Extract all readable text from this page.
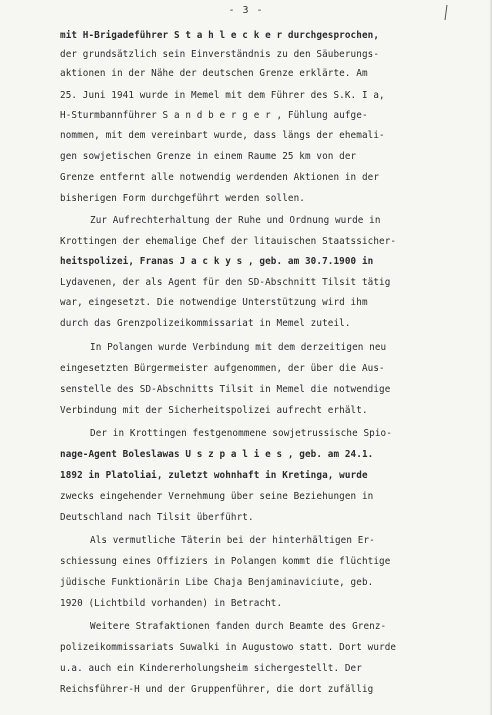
- 3 -
mit H-Brigadeführer S t a h l e c k e r durchgesprochen,
der grundsätzlich sein Einverständnis zu den Säuberungs-
aktionen in der Nähe der deutschen Grenze erklärte. Am
25. Juni 1941 wurde in Memel mit dem Führer des S.K. I a,
H-Sturmbannführer S a n d b e r g e r , Fühlung aufge-
nommen, mit dem vereinbart wurde, dass längs der ehemali-
gen sowjetischen Grenze in einem Raume 25 km von der
Grenze entfernt alle notwendig werdenden Aktionen in der
bisherigen Form durchgeführt werden sollen.
Zur Aufrechterhaltung der Ruhe und Ordnung wurde in
Krottingen der ehemalige Chef der litauischen Staatssicher-
heitspolizei, Franas J a c k y s , geb. am 30.7.1900 in
Lydavenen, der als Agent für den SD-Abschnitt Tilsit tätig
war, eingesetzt. Die notwendige Unterstützung wird ihm
durch das Grenzpolizeikommissariat in Memel zuteil.
In Polangen wurde Verbindung mit dem derzeitigen neu
eingesetzten Bürgermeister aufgenommen, der über die Aus-
senstelle des SD-Abschnitts Tilsit in Memel die notwendige
Verbindung mit der Sicherheitspolizei aufrecht erhält.
Der in Krottingen festgenommene sowjetrussische Spio-
nage-Agent Boleslawas U s z p a l i e s , geb. am 24.1.
1892 in Platoliai, zuletzt wohnhaft in Kretinga, wurde
zwecks eingehender Vernehmung über seine Beziehungen in
Deutschland nach Tilsit überführt.
Als vermutliche Täterin bei der hinterhältigen Er-
schiessung eines Offiziers in Polangen kommt die flüchtige
jüdische Funktionärin Libe Chaja Benjaminaviciute, geb.
1920 (Lichtbild vorhanden) in Betracht.
Weitere Strafaktionen fanden durch Beamte des Grenz-
polizeikommissariats Suwalki in Augustowo statt. Dort wurde
u.a. auch ein Kindererholungsheim sichergestellt. Der
Reichsführer-H und der Gruppenführer, die dort zufällig
